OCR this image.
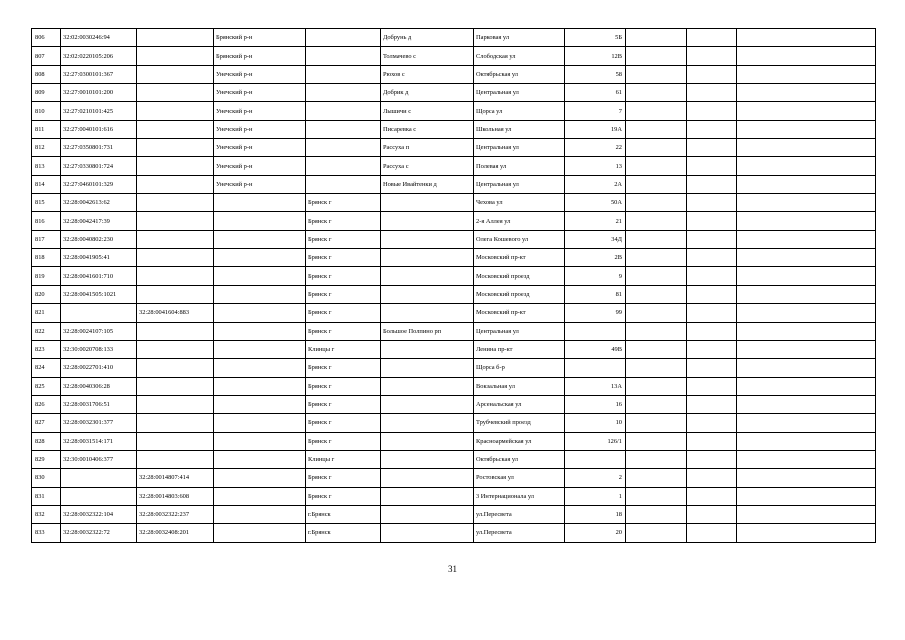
806	32:02:0030246:94		Брянский р-н		Добрунь д	Парковая ул	5Б			
807	32:02:0220105:206		Брянский р-н		Толмачево с	Слободская ул	12В			
808	32:27:0300101:367		Унечский р-н		Рюхов с	Октябрьская ул	58			
809	32:27:0010101:200		Унечский р-н		Добрик д	Центральная ул	61			
810	32:27:0210101:425		Унечский р-н		Лышичи с	Щорса ул	7			
811	32:27:0040101:616		Унечский р-н		Писаревка с	Школьная ул	19А			
812	32:27:0350801:731		Унечский р-н		Рассуха п	Центральная ул	22			
813	32:27:0330801:724		Унечский р-н		Рассуха с	Полевая ул	13			
814	32:27:0460101:329		Унечский р-н		Новые Ивайтенки д	Центральная ул	2А			
815	32:28:0042613:62			Брянск г		Чехова ул	50А			
816	32:28:0042417:39			Брянск г		2-я Аллея ул	21			
817	32:28:0040802:230			Брянск г		Олега Кошевого ул	34Д			
818	32:28:0041905:41			Брянск г		Московский пр-кт	2В			
819	32:28:0041601:710			Брянск г		Московский проезд	9			
820	32:28:0041505:1021			Брянск г		Московский проезд	81			
821		32:28:0041604:883		Брянск г		Московский пр-кт	99			
822	32:28:0024107:105			Брянск г	Большое Полпино рп	Центральная ул				
823	32:30:0020708:133			Клинцы г		Ленина пр-кт	49В			
824	32:28:0022701:410			Брянск г		Щорса б-р				
825	32:28:0040306:28			Брянск г		Вокзальная ул	13А			
826	32:28:0031706:51			Брянск г		Арсенальская ул	16			
827	32:28:0032301:377			Брянск г		Трубчевский проезд	10			
828	32:28:0031514:171			Брянск г		Красноармейская ул	126/1			
829	32:30:0010406:377			Клинцы г		Октябрьская ул				
830		32:28:0014807:414		Брянск г		Ростовская ул	2			
831		32:28:0014803:608		Брянск г		3 Интернационала ул	1			
832	32:28:0032322:104	32:28:0032322:237		г.Брянск		ул.Пересвета	18			
833	32:28:0032322:72	32:28:0032408:201		г.Брянск		ул.Пересвета	20			
31
